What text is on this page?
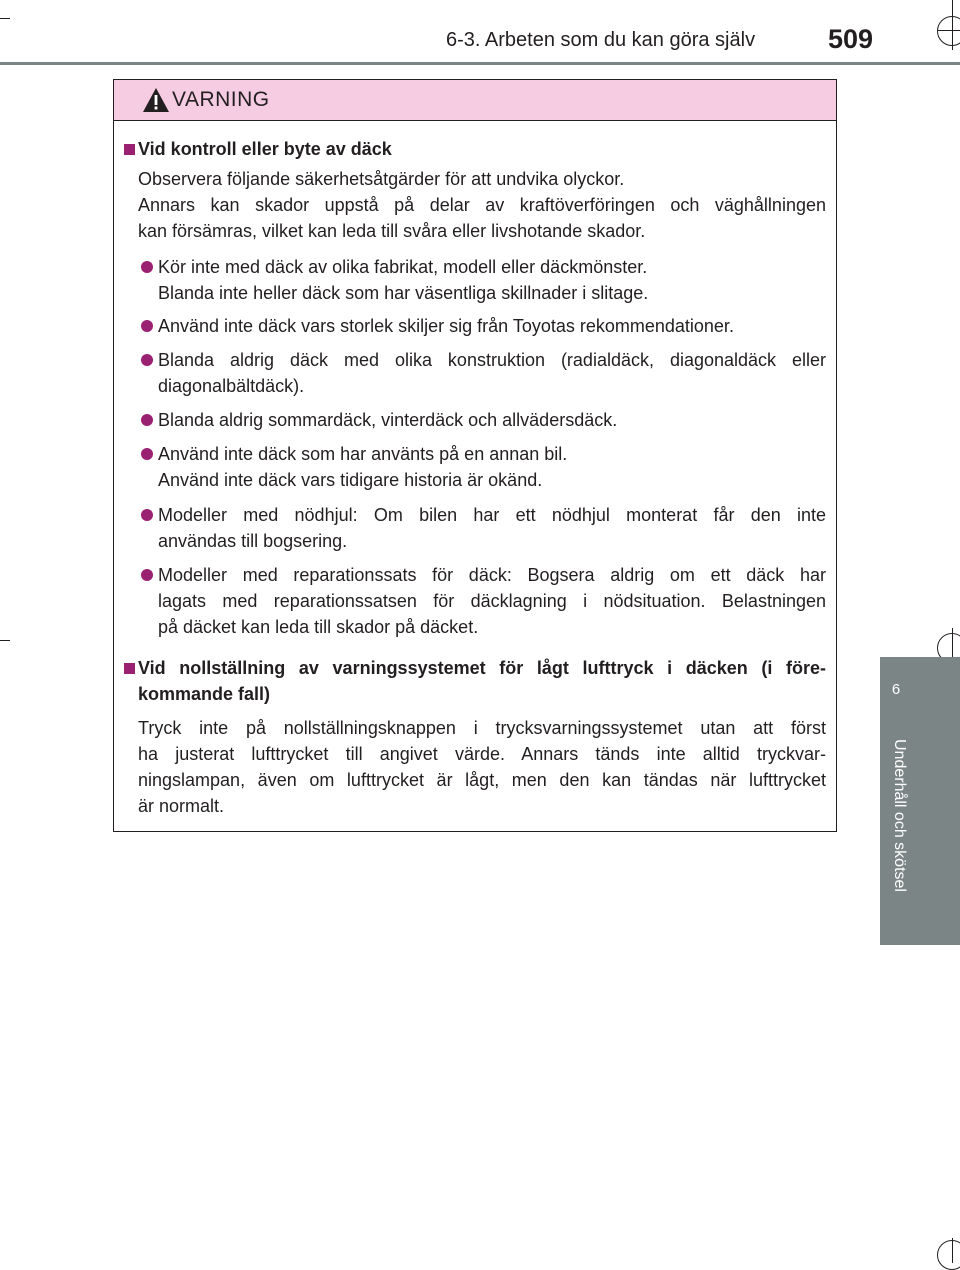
6-3. Arbeten som du kan göra själv	509
6
Underhåll och skötsel
VARNING
Vid kontroll eller byte av däck
Observera följande säkerhetsåtgärder för att undvika olyckor.
Annars kan skador uppstå på delar av kraftöverföringen och väghållningen
kan försämras, vilket kan leda till svåra eller livshotande skador.
Kör inte med däck av olika fabrikat, modell eller däckmönster.
Blanda inte heller däck som har väsentliga skillnader i slitage.
Använd inte däck vars storlek skiljer sig från Toyotas rekommendationer.
Blanda aldrig däck med olika konstruktion (radialdäck, diagonaldäck eller
diagonalbältdäck).
Blanda aldrig sommardäck, vinterdäck och allvädersdäck.
Använd inte däck som har använts på en annan bil.
Använd inte däck vars tidigare historia är okänd.
Modeller med nödhjul: Om bilen har ett nödhjul monterat får den inte
användas till bogsering.
Modeller med reparationssats för däck: Bogsera aldrig om ett däck har
lagats med reparationssatsen för däcklagning i nödsituation. Belastningen
på däcket kan leda till skador på däcket.
Vid nollställning av varningssystemet för lågt lufttryck i däcken (i före-
kommande fall)
Tryck inte på nollställningsknappen i trycksvarningssystemet utan att först
ha justerat lufttrycket till angivet värde. Annars tänds inte alltid tryckvar-
ningslampan, även om lufttrycket är lågt, men den kan tändas när lufttrycket
är normalt.
